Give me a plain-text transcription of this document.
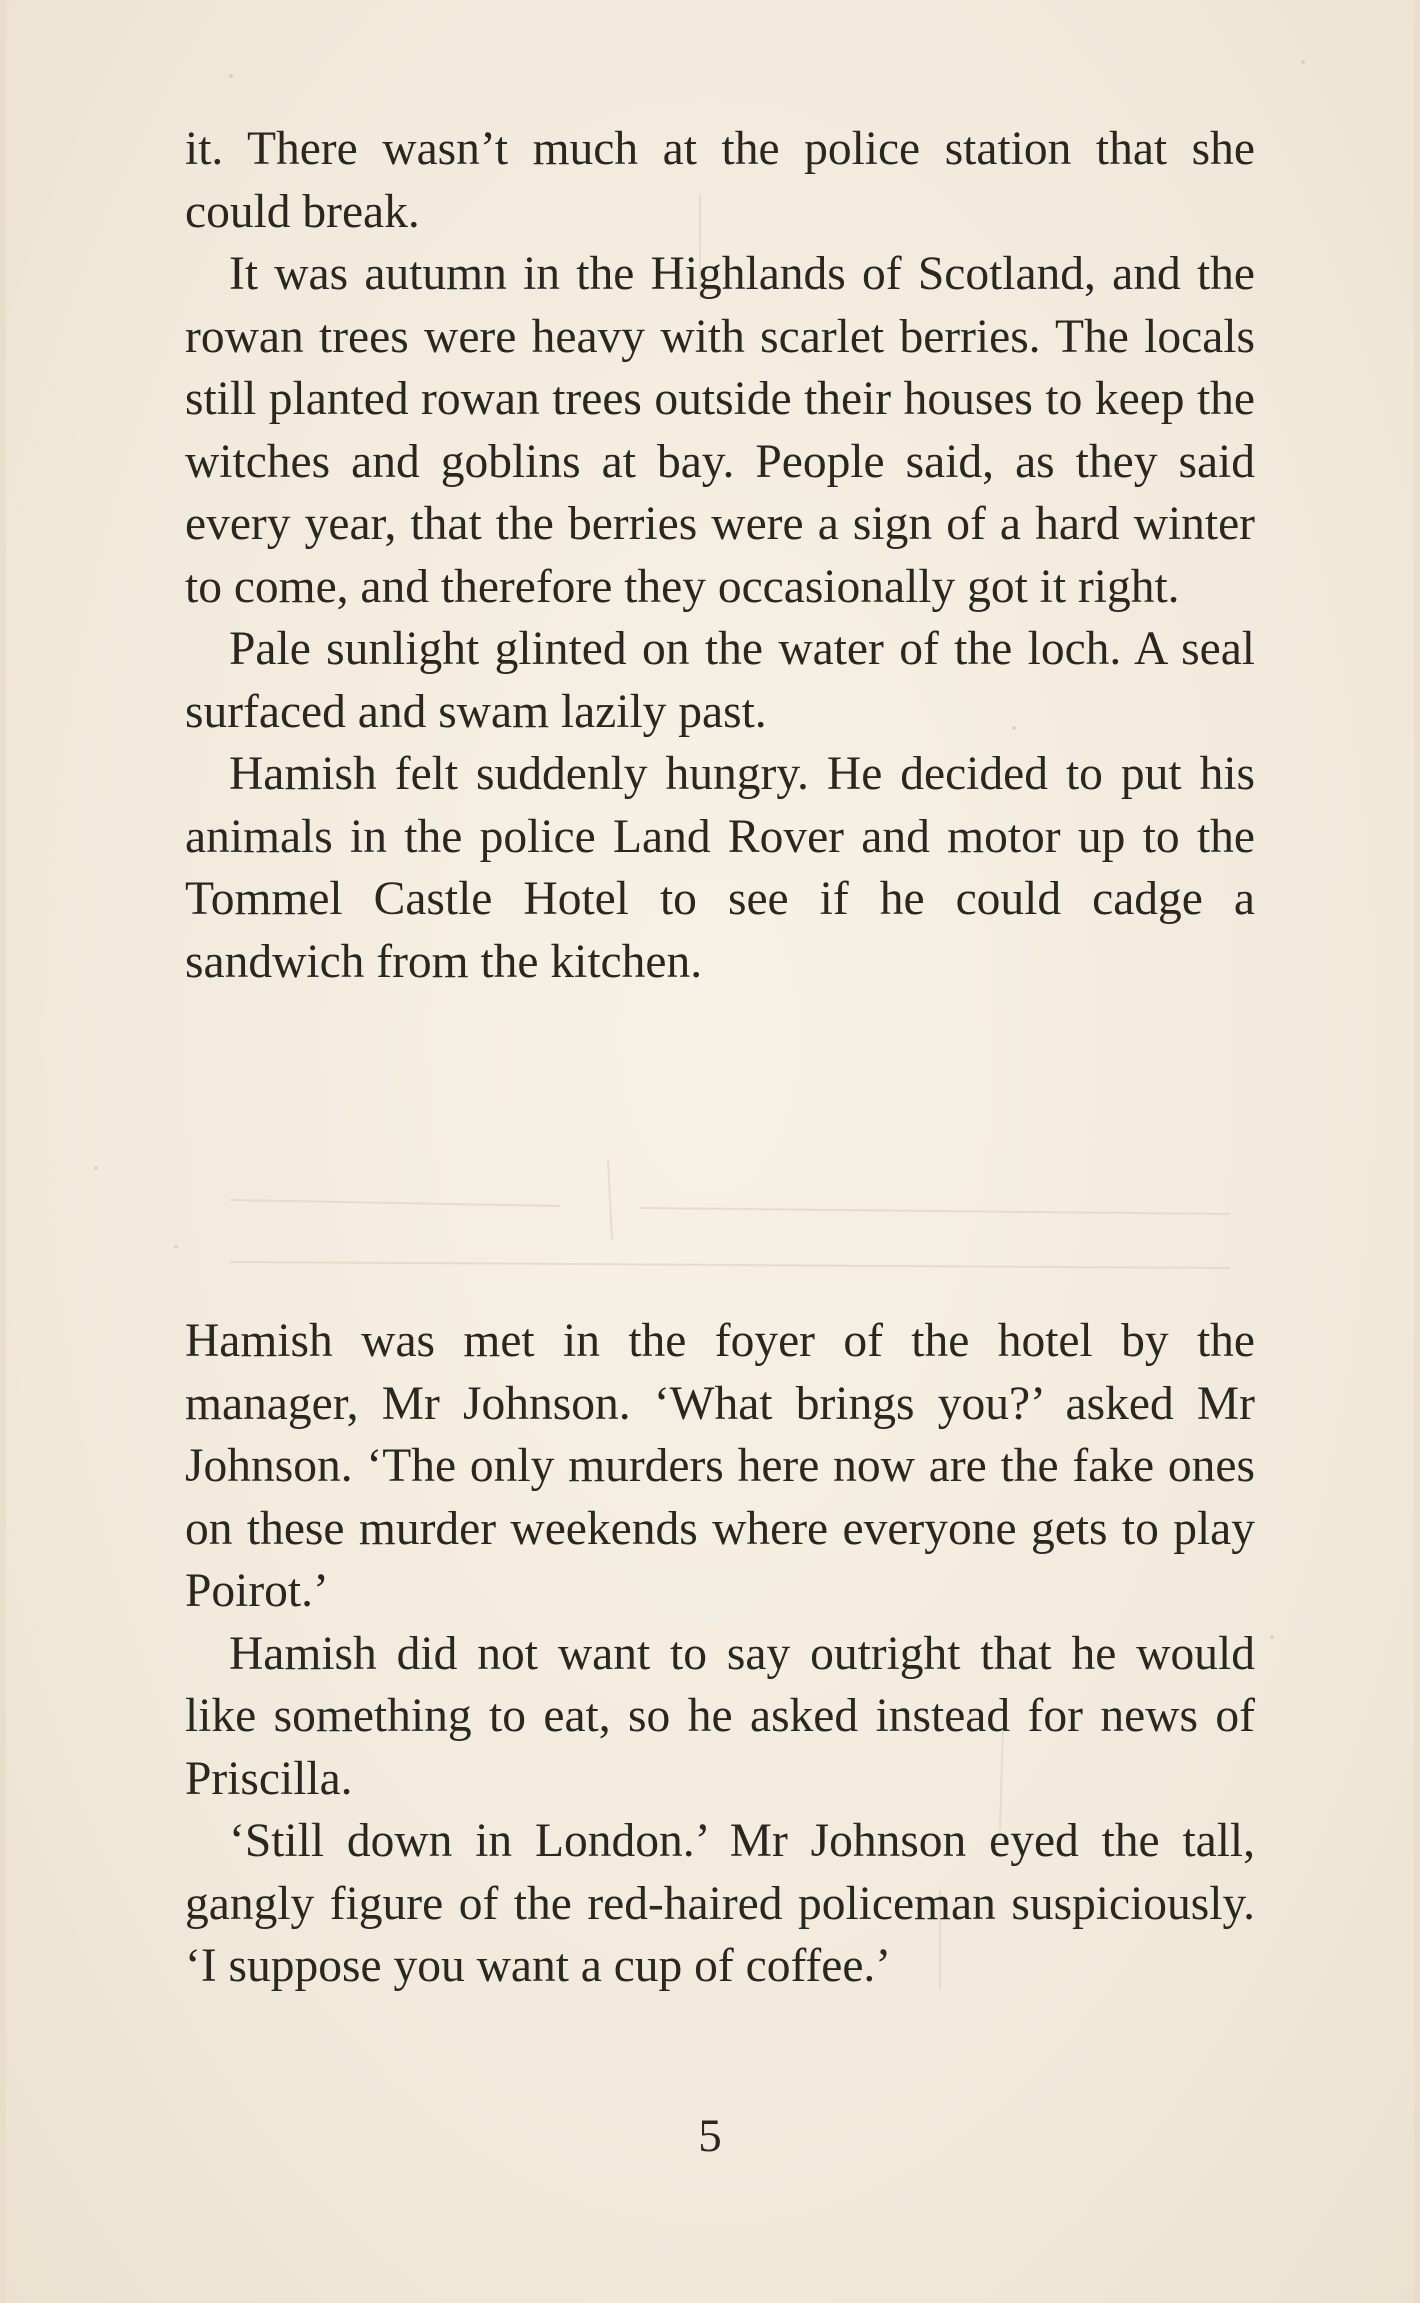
it. There wasn’t much at the police station that she could break.

It was autumn in the Highlands of Scotland, and the rowan trees were heavy with scarlet berries. The locals still planted rowan trees outside their houses to keep the witches and goblins at bay. People said, as they said every year, that the berries were a sign of a hard winter to come, and therefore they occasionally got it right.

Pale sunlight glinted on the water of the loch. A seal surfaced and swam lazily past.

Hamish felt suddenly hungry. He decided to put his animals in the police Land Rover and motor up to the Tommel Castle Hotel to see if he could cadge a sandwich from the kitchen.

Hamish was met in the foyer of the hotel by the manager, Mr Johnson. ‘What brings you?’ asked Mr Johnson. ‘The only murders here now are the fake ones on these murder weekends where everyone gets to play Poirot.’

Hamish did not want to say outright that he would like something to eat, so he asked instead for news of Priscilla.

‘Still down in London.’ Mr Johnson eyed the tall, gangly figure of the red-haired policeman suspiciously. ‘I suppose you want a cup of coffee.’

5
